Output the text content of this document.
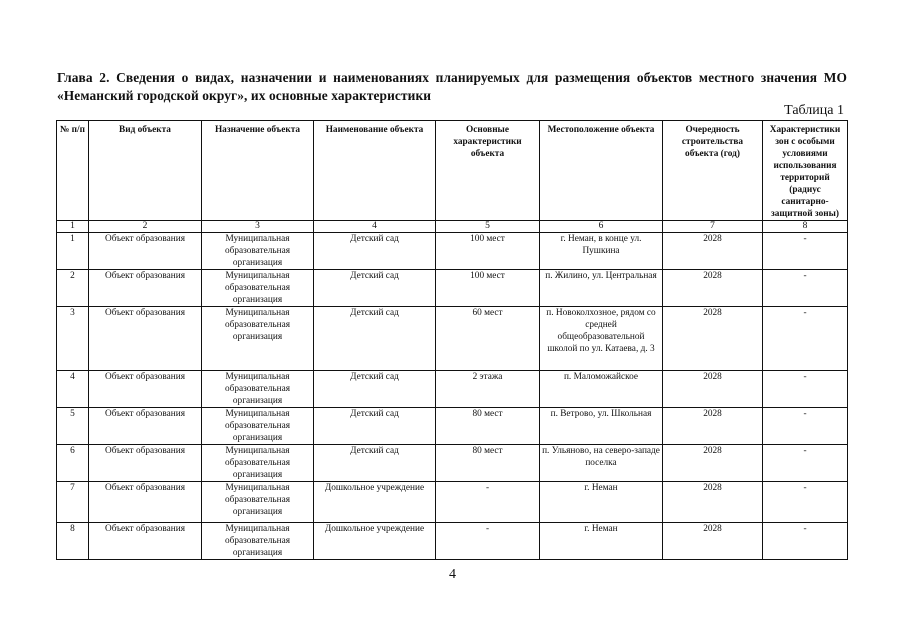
Глава 2. Сведения о видах, назначении и наименованиях планируемых для размещения объектов местного значения МО «Неманский городской округ», их основные характеристики
Таблица 1
№ п/п	Вид объекта	Назначение объекта	Наименование объекта	Основные характеристики объекта	Местоположение объекта	Очередность строительства объекта (год)	Характеристики зон с особыми условиями использования территорий (радиус санитарно-защитной зоны)
1	2	3	4	5	6	7	8
1	Объект образования	Муниципальная образовательная организация	Детский сад	100 мест	г. Неман, в конце ул. Пушкина	2028	-
2	Объект образования	Муниципальная образовательная организация	Детский сад	100 мест	п. Жилино, ул. Центральная	2028	-
3	Объект образования	Муниципальная образовательная организация	Детский сад	60 мест	п. Новоколхозное, рядом со средней общеобразовательной школой по ул. Катаева, д. 3	2028	-
4	Объект образования	Муниципальная образовательная организация	Детский сад	2 этажа	п. Маломожайское	2028	-
5	Объект образования	Муниципальная образовательная организация	Детский сад	80 мест	п. Ветрово, ул. Школьная	2028	-
6	Объект образования	Муниципальная образовательная организация	Детский сад	80 мест	п. Ульяново, на северо-западе поселка	2028	-
7	Объект образования	Муниципальная образовательная организация	Дошкольное учреждение	-	г. Неман	2028	-
8	Объект образования	Муниципальная образовательная организация	Дошкольное учреждение	-	г. Неман	2028	-
4
